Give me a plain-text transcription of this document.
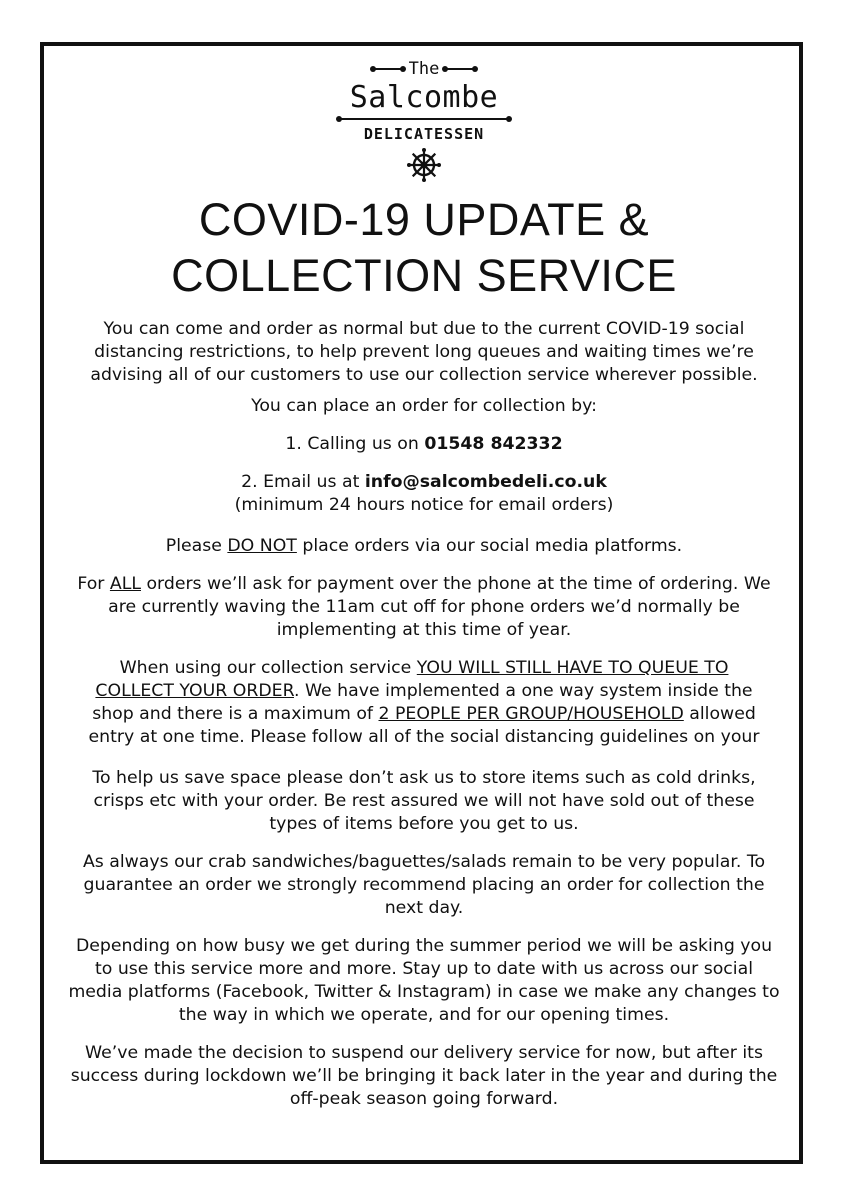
The
Salcombe
DELICATESSEN
COVID-19 UPDATE &
COLLECTION SERVICE

You can come and order as normal but due to the current COVID-19 social
distancing restrictions, to help prevent long queues and waiting times we’re
advising all of our customers to use our collection service wherever possible.

You can place an order for collection by:

1. Calling us on 01548 842332

2. Email us at info@salcombedeli.co.uk
(minimum 24 hours notice for email orders)

Please DO NOT place orders via our social media platforms.

For ALL orders we’ll ask for payment over the phone at the time of ordering. We
are currently waving the 11am cut off for phone orders we’d normally be
implementing at this time of year.

When using our collection service YOU WILL STILL HAVE TO QUEUE TO
COLLECT YOUR ORDER. We have implemented a one way system inside the
shop and there is a maximum of 2 PEOPLE PER GROUP/HOUSEHOLD allowed
entry at one time. Please follow all of the social distancing guidelines on your

To help us save space please don’t ask us to store items such as cold drinks,
crisps etc with your order. Be rest assured we will not have sold out of these
types of items before you get to us.

As always our crab sandwiches/baguettes/salads remain to be very popular. To
guarantee an order we strongly recommend placing an order for collection the
next day.

Depending on how busy we get during the summer period we will be asking you
to use this service more and more. Stay up to date with us across our social
media platforms (Facebook, Twitter & Instagram) in case we make any changes to
the way in which we operate, and for our opening times.

We’ve made the decision to suspend our delivery service for now, but after its
success during lockdown we’ll be bringing it back later in the year and during the
off-peak season going forward.
